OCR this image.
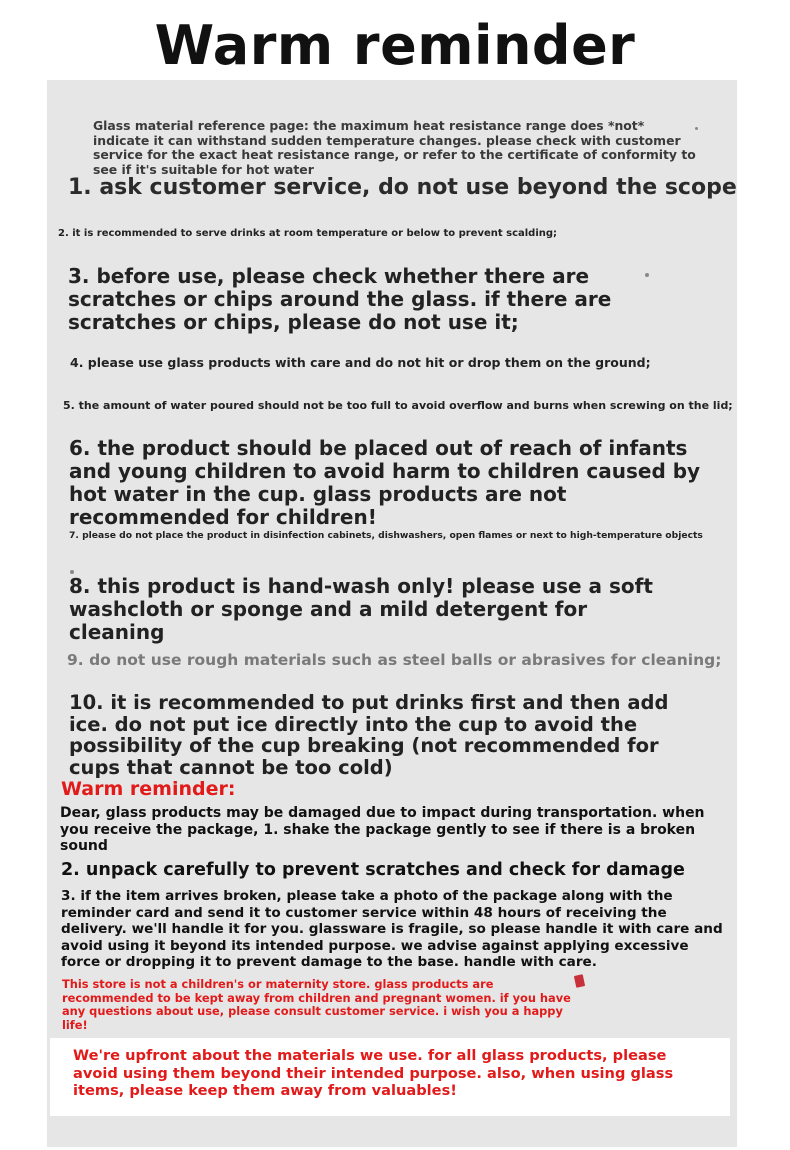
Warm reminder

Glass material reference page: the maximum heat resistance range does *not* indicate it can withstand sudden temperature changes. please check with customer service for the exact heat resistance range, or refer to the certificate of conformity to see if it's suitable for hot water

1. ask customer service, do not use beyond the scope

2. it is recommended to serve drinks at room temperature or below to prevent scalding;

3. before use, please check whether there are scratches or chips around the glass. if there are scratches or chips, please do not use it;

4. please use glass products with care and do not hit or drop them on the ground;

5. the amount of water poured should not be too full to avoid overflow and burns when screwing on the lid;

6. the product should be placed out of reach of infants and young children to avoid harm to children caused by hot water in the cup. glass products are not recommended for children!

7. please do not place the product in disinfection cabinets, dishwashers, open flames or next to high-temperature objects

8. this product is hand-wash only! please use a soft washcloth or sponge and a mild detergent for cleaning

9. do not use rough materials such as steel balls or abrasives for cleaning;

10. it is recommended to put drinks first and then add ice. do not put ice directly into the cup to avoid the possibility of the cup breaking (not recommended for cups that cannot be too cold)

Warm reminder:

Dear, glass products may be damaged due to impact during transportation. when you receive the package, 1. shake the package gently to see if there is a broken sound

2. unpack carefully to prevent scratches and check for damage

3. if the item arrives broken, please take a photo of the package along with the reminder card and send it to customer service within 48 hours of receiving the delivery. we'll handle it for you. glassware is fragile, so please handle it with care and avoid using it beyond its intended purpose. we advise against applying excessive force or dropping it to prevent damage to the base. handle with care.

This store is not a children's or maternity store. glass products are recommended to be kept away from children and pregnant women. if you have any questions about use, please consult customer service. i wish you a happy life!

We're upfront about the materials we use. for all glass products, please avoid using them beyond their intended purpose. also, when using glass items, please keep them away from valuables!
